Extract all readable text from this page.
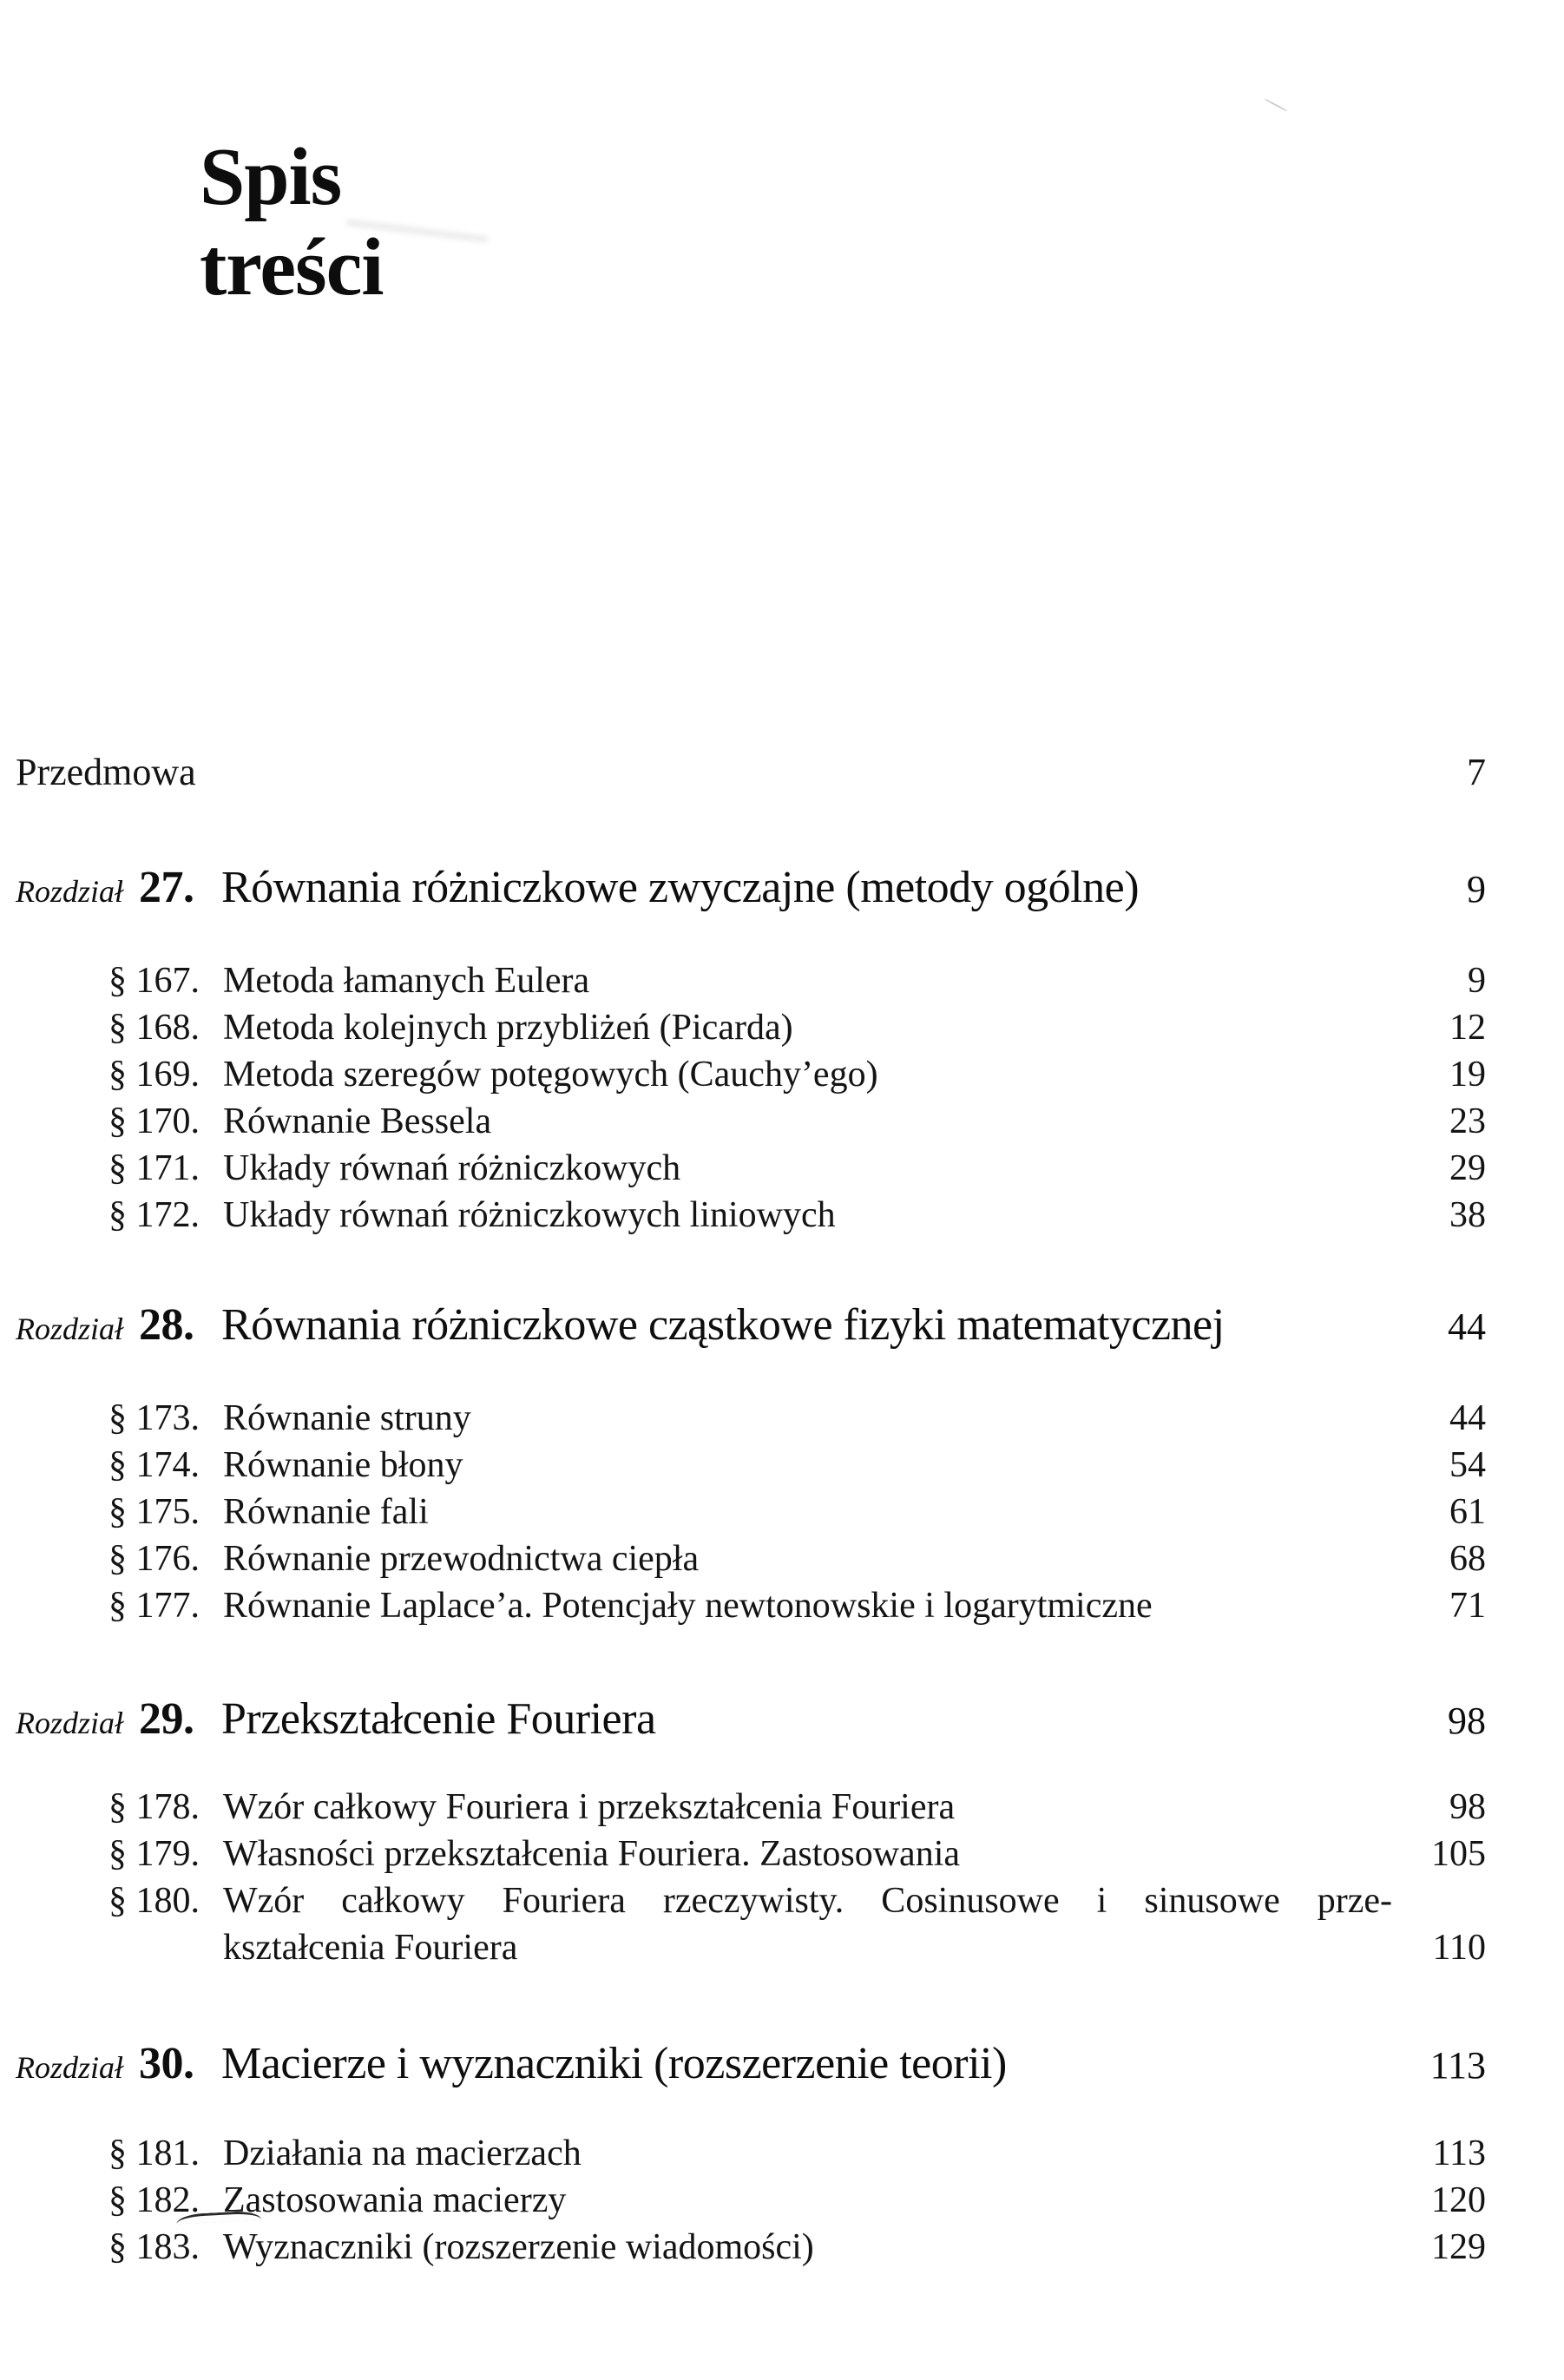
Spis
treści
Przedmowa	7
Rozdział 27. Równania różniczkowe zwyczajne (metody ogólne)	9
§ 167. Metoda łamanych Eulera	9
§ 168. Metoda kolejnych przybliżeń (Picarda)	12
§ 169. Metoda szeregów potęgowych (Cauchy’ego)	19
§ 170. Równanie Bessela	23
§ 171. Układy równań różniczkowych	29
§ 172. Układy równań różniczkowych liniowych	38
Rozdział 28. Równania różniczkowe cząstkowe fizyki matematycznej	44
§ 173. Równanie struny	44
§ 174. Równanie błony	54
§ 175. Równanie fali	61
§ 176. Równanie przewodnictwa ciepła	68
§ 177. Równanie Laplace’a. Potencjały newtonowskie i logarytmiczne	71
Rozdział 29. Przekształcenie Fouriera	98
§ 178. Wzór całkowy Fouriera i przekształcenia Fouriera	98
§ 179. Własności przekształcenia Fouriera. Zastosowania	105
§ 180. Wzór całkowy Fouriera rzeczywisty. Cosinusowe i sinusowe prze-
kształcenia Fouriera	110
Rozdział 30. Macierze i wyznaczniki (rozszerzenie teorii)	113
§ 181. Działania na macierzach	113
§ 182. Zastosowania macierzy	120
§ 183. Wyznaczniki (rozszerzenie wiadomości)	129
